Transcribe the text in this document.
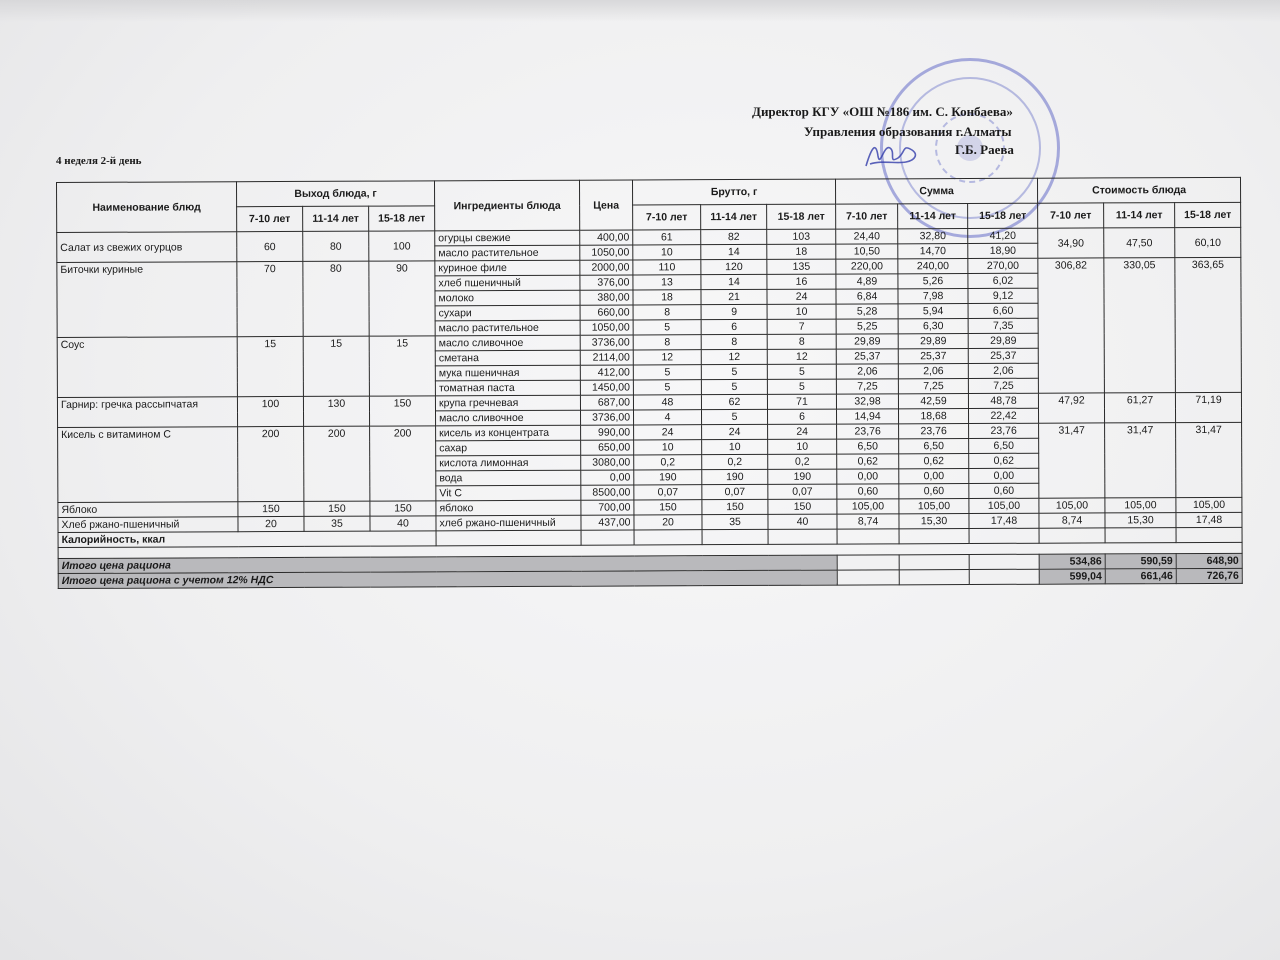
Директор КГУ «ОШ №186 им. С. Конбаева»
Управления образования г.Алматы
Г.Б. Раева
4 неделя 2-й день
Наименование блюд	Выход блюда, г			Ингредиенты блюда	Цена	Брутто, г			Сумма			Стоимость блюда		
	7-10 лет	11-14 лет	15-18 лет			7-10 лет	11-14 лет	15-18 лет	7-10 лет	11-14 лет	15-18 лет	7-10 лет	11-14 лет	15-18 лет
Салат из свежих огурцов	60	80	100	огурцы свежие	400,00	61	82	103	24,40	32,80	41,20	34,90	47,50	60,10
				масло растительное	1050,00	10	14	18	10,50	14,70	18,90			
Биточки куриные	70	80	90	куриное филе	2000,00	110	120	135	220,00	240,00	270,00	306,82	330,05	363,65
				хлеб пшеничный	376,00	13	14	16	4,89	5,26	6,02			
				молоко	380,00	18	21	24	6,84	7,98	9,12			
				сухари	660,00	8	9	10	5,28	5,94	6,60			
				масло растительное	1050,00	5	6	7	5,25	6,30	7,35			
Соус	15	15	15	масло сливочное	3736,00	8	8	8	29,89	29,89	29,89			
				сметана	2114,00	12	12	12	25,37	25,37	25,37			
				мука пшеничная	412,00	5	5	5	2,06	2,06	2,06			
				томатная паста	1450,00	5	5	5	7,25	7,25	7,25			
Гарнир: гречка рассыпчатая	100	130	150	крупа гречневая	687,00	48	62	71	32,98	42,59	48,78	47,92	61,27	71,19
				масло сливочное	3736,00	4	5	6	14,94	18,68	22,42			
Кисель с витамином С	200	200	200	кисель из концентрата	990,00	24	24	24	23,76	23,76	23,76	31,47	31,47	31,47
				сахар	650,00	10	10	10	6,50	6,50	6,50			
				кислота лимонная	3080,00	0,2	0,2	0,2	0,62	0,62	0,62			
				вода	0,00	190	190	190	0,00	0,00	0,00			
				Vit C	8500,00	0,07	0,07	0,07	0,60	0,60	0,60			
Яблоко	150	150	150	яблоко	700,00	150	150	150	105,00	105,00	105,00	105,00	105,00	105,00
Хлеб ржано-пшеничный	20	35	40	хлеб ржано-пшеничный	437,00	20	35	40	8,74	15,30	17,48	8,74	15,30	17,48
Калорийность, ккал														

Итого цена рациона												534,86	590,59	648,90
Итого цена рациона с учетом 12% НДС												599,04	661,46	726,76
